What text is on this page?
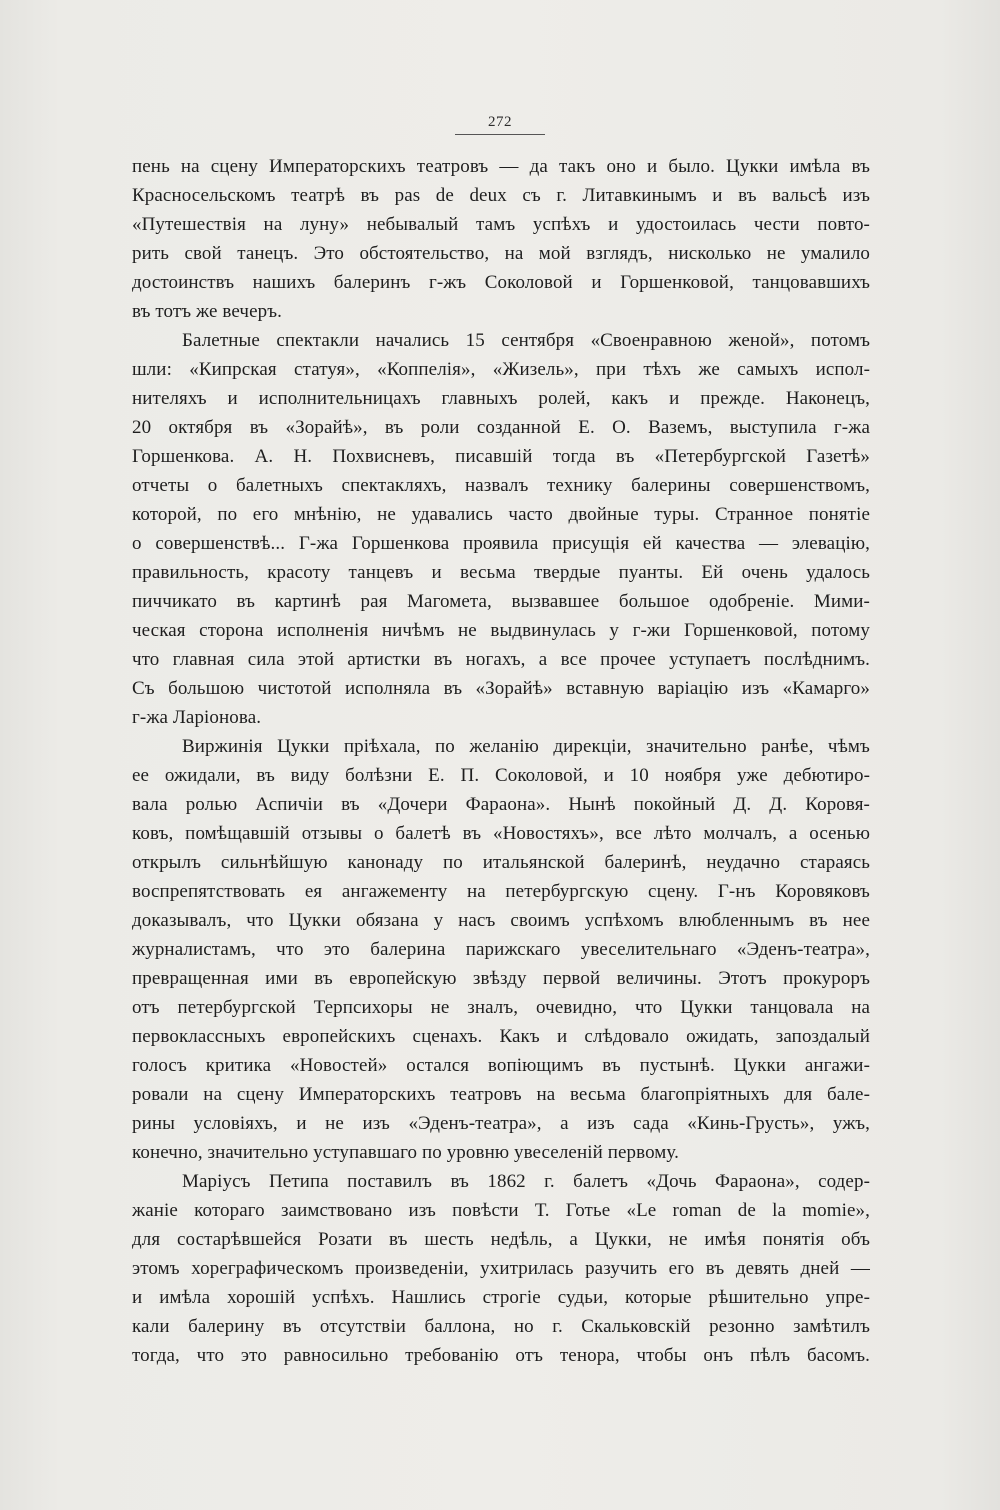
272
пень на сцену Императорскихъ театровъ — да такъ оно и было. Цукки имѣла въ
Красносельскомъ театрѣ въ pas de deux съ г. Литавкинымъ и въ вальсѣ изъ
«Путешествія на луну» небывалый тамъ успѣхъ и удостоилась чести повто-
рить свой танецъ. Это обстоятельство, на мой взглядъ, нисколько не умалило
достоинствъ нашихъ балеринъ г-жъ Соколовой и Горшенковой, танцовавшихъ
въ тотъ же вечеръ.
Балетные спектакли начались 15 сентября «Своенравною женой», потомъ
шли: «Кипрская статуя», «Коппелія», «Жизель», при тѣхъ же самыхъ испол-
нителяхъ и исполнительницахъ главныхъ ролей, какъ и прежде. Наконецъ,
20 октября въ «Зорайѣ», въ роли созданной Е. О. Ваземъ, выступила г-жа
Горшенкова. А. Н. Похвисневъ, писавшій тогда въ «Петербургской Газетѣ»
отчеты о балетныхъ спектакляхъ, назвалъ технику балерины совершенствомъ,
которой, по его мнѣнію, не удавались часто двойные туры. Странное понятіе
о совершенствѣ... Г-жа Горшенкова проявила присущія ей качества — элевацію,
правильность, красоту танцевъ и весьма твердые пуанты. Ей очень удалось
пиччикато въ картинѣ рая Магомета, вызвавшее большое одобреніе. Мими-
ческая сторона исполненія ничѣмъ не выдвинулась у г-жи Горшенковой, потому
что главная сила этой артистки въ ногахъ, а все прочее уступаетъ послѣднимъ.
Съ большою чистотой исполняла въ «Зорайѣ» вставную варіацію изъ «Камарго»
г-жа Ларіонова.
Виржинія Цукки пріѣхала, по желанію дирекціи, значительно ранѣе, чѣмъ
ее ожидали, въ виду болѣзни Е. П. Соколовой, и 10 ноября уже дебютиро-
вала ролью Аспичіи въ «Дочери Фараона». Нынѣ покойный Д. Д. Коровя-
ковъ, помѣщавшій отзывы о балетѣ въ «Новостяхъ», все лѣто молчалъ, а осенью
открылъ сильнѣйшую канонаду по итальянской балеринѣ, неудачно стараясь
воспрепятствовать ея ангажементу на петербургскую сцену. Г-нъ Коровяковъ
доказывалъ, что Цукки обязана у насъ своимъ успѣхомъ влюбленнымъ въ нее
журналистамъ, что это балерина парижскаго увеселительнаго «Эденъ-театра»,
превращенная ими въ европейскую звѣзду первой величины. Этотъ прокуроръ
отъ петербургской Терпсихоры не зналъ, очевидно, что Цукки танцовала на
первоклассныхъ европейскихъ сценахъ. Какъ и слѣдовало ожидать, запоздалый
голосъ критика «Новостей» остался вопіющимъ въ пустынѣ. Цукки ангажи-
ровали на сцену Императорскихъ театровъ на весьма благопріятныхъ для бале-
рины условіяхъ, и не изъ «Эденъ-театра», а изъ сада «Кинь-Грусть», ужъ,
конечно, значительно уступавшаго по уровню увеселеній первому.
Маріусъ Петипа поставилъ въ 1862 г. балетъ «Дочь Фараона», содер-
жаніе котораго заимствовано изъ повѣсти Т. Готье «Le roman de la momie»,
для состарѣвшейся Розати въ шесть недѣль, а Цукки, не имѣя понятія объ
этомъ хореграфическомъ произведеніи, ухитрилась разучить его въ девять дней —
и имѣла хорошій успѣхъ. Нашлись строгіе судьи, которые рѣшительно упре-
кали балерину въ отсутствіи баллона, но г. Скальковскій резонно замѣтилъ
тогда, что это равносильно требованію отъ тенора, чтобы онъ пѣлъ басомъ.
